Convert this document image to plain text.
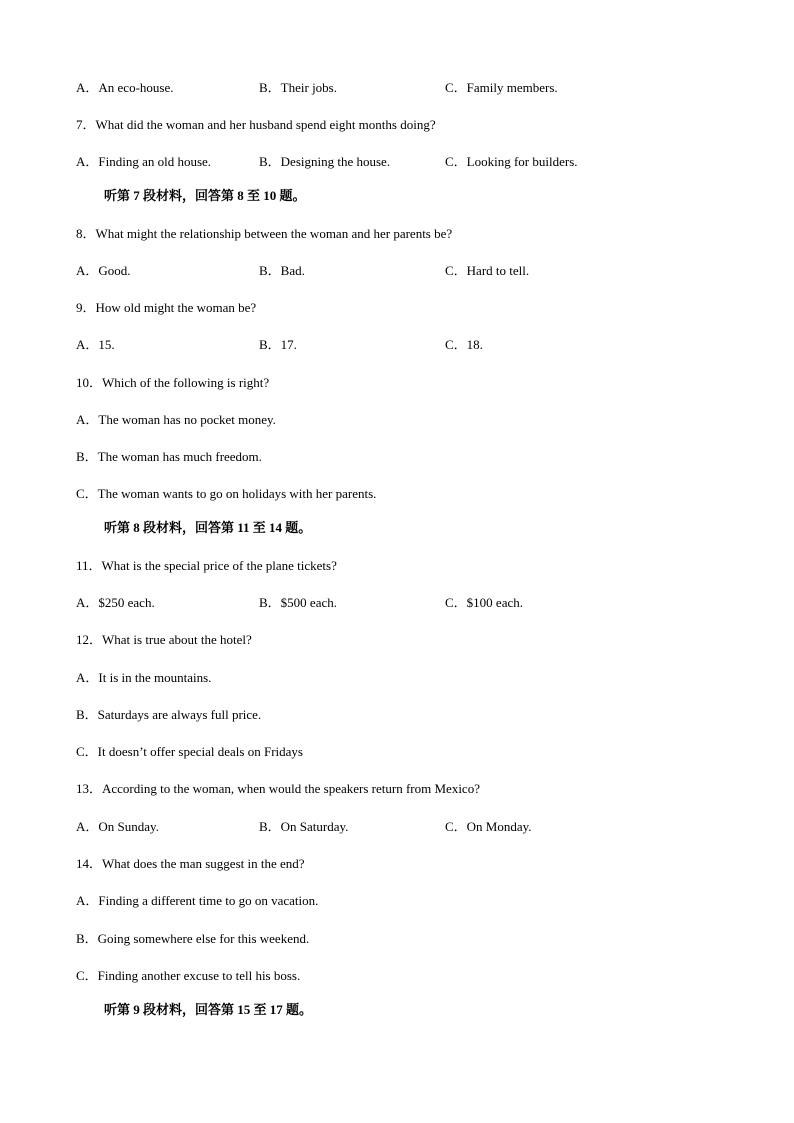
A．An eco-house.	B．Their jobs.	C．Family members.
7．What did the woman and her husband spend eight months doing?
A．Finding an old house.	B．Designing the house.	C．Looking for builders.
听第 7 段材料，回答第 8 至 10 题。
8．What might the relationship between the woman and her parents be?
A．Good.	B．Bad.	C．Hard to tell.
9．How old might the woman be?
A．15.	B．17.	C．18.
10．Which of the following is right?
A．The woman has no pocket money.
B．The woman has much freedom.
C．The woman wants to go on holidays with her parents.
听第 8 段材料，回答第 11 至 14 题。
11．What is the special price of the plane tickets?
A．$250 each.	B．$500 each.	C．$100 each.
12．What is true about the hotel?
A．It is in the mountains.
B．Saturdays are always full price.
C．It doesn’t offer special deals on Fridays
13．According to the woman, when would the speakers return from Mexico?
A．On Sunday.	B．On Saturday.	C．On Monday.
14．What does the man suggest in the end?
A．Finding a different time to go on vacation.
B．Going somewhere else for this weekend.
C．Finding another excuse to tell his boss.
听第 9 段材料，回答第 15 至 17 题。
